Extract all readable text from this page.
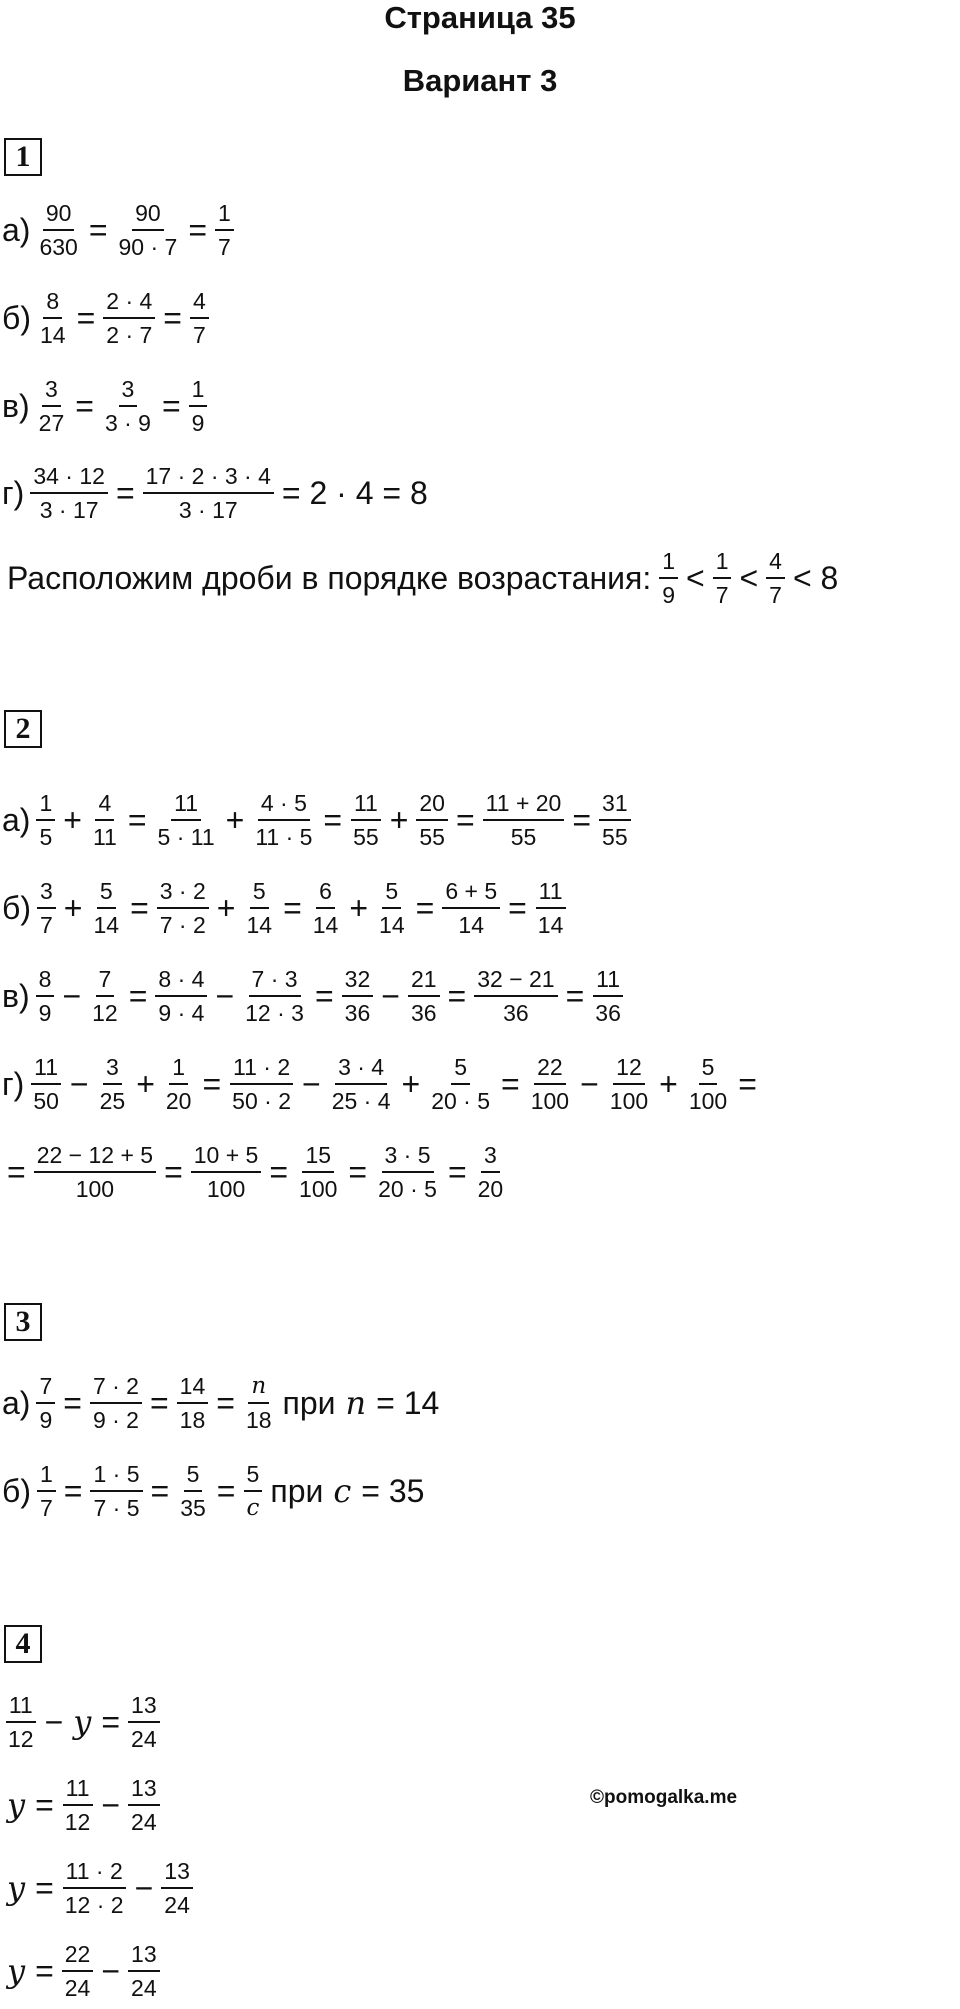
Страница 35
Вариант 3
©pomogalka.me
1
$а) \frac{90}{630} = \frac{90}{90 \cdot 7} = \frac{1}{7}$
$б) \frac{8}{14} = \frac{2 \cdot 4}{2 \cdot 7} = \frac{4}{7}$
$в) \frac{3}{27} = \frac{3}{3 \cdot 9} = \frac{1}{9}$
$г) \frac{34 \cdot 12}{3 \cdot 17} = \frac{17 \cdot 2 \cdot 3 \cdot 4}{3 \cdot 17} = 2 \cdot 4 = 8$
Расположим дроби в порядке возрастания: $\frac{1}{9} < \frac{1}{7} < \frac{4}{7} < 8$
2
$а) \frac{1}{5} + \frac{4}{11} = \frac{11}{5 \cdot 11} + \frac{4 \cdot 5}{11 \cdot 5} = \frac{11}{55} + \frac{20}{55} = \frac{11 + 20}{55} = \frac{31}{55}$
$б) \frac{3}{7} + \frac{5}{14} = \frac{3 \cdot 2}{7 \cdot 2} + \frac{5}{14} = \frac{6}{14} + \frac{5}{14} = \frac{6 + 5}{14} = \frac{11}{14}$
$в) \frac{8}{9} - \frac{7}{12} = \frac{8 \cdot 4}{9 \cdot 4} - \frac{7 \cdot 3}{12 \cdot 3} = \frac{32}{36} - \frac{21}{36} = \frac{32 - 21}{36} = \frac{11}{36}$
$г) \frac{11}{50} - \frac{3}{25} + \frac{1}{20} = \frac{11 \cdot 2}{50 \cdot 2} - \frac{3 \cdot 4}{25 \cdot 4} + \frac{5}{20 \cdot 5} = \frac{22}{100} - \frac{12}{100} + \frac{5}{100}$ =
= $\frac{22 - 12 + 5}{100} = \frac{10 + 5}{100} = \frac{15}{100} = \frac{3 \cdot 5}{20 \cdot 5} = \frac{3}{20}$
3
$а) \frac{7}{9} = \frac{7 \cdot 2}{9 \cdot 2} = \frac{14}{18} = \frac{n}{18}$ при n = 14
$б) \frac{1}{7} = \frac{1 \cdot 5}{7 \cdot 5} = \frac{5}{35} = \frac{5}{c}$ при c = 35
4
$\frac{11}{12} - y = \frac{13}{24}$
$y = \frac{11}{12} - \frac{13}{24}$
$y = \frac{11 \cdot 2}{12 \cdot 2} - \frac{13}{24}$
$y = \frac{22}{24} - \frac{13}{24}$
